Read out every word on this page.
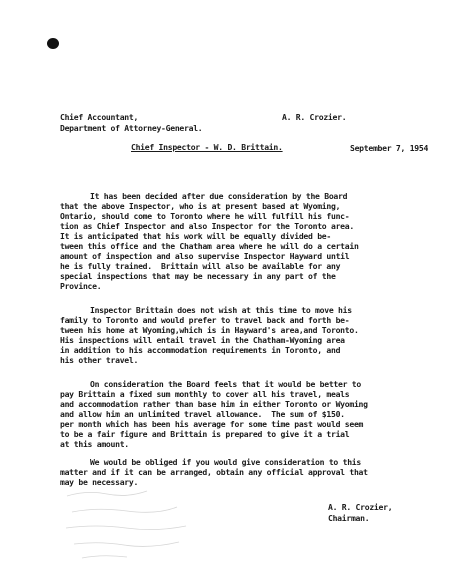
Chief Accountant,	A. R. Crozier.
Department of Attorney-General.
Chief Inspector - W. D. Brittain.	September 7, 1954
It has been decided after due consideration by the Board
that the above Inspector, who is at present based at Wyoming,
Ontario, should come to Toronto where he will fulfill his func-
tion as Chief Inspector and also Inspector for the Toronto area.
It is anticipated that his work will be equally divided be-
tween this office and the Chatham area where he will do a certain
amount of inspection and also supervise Inspector Hayward until
he is fully trained.  Brittain will also be available for any
special inspections that may be necessary in any part of the
Province.
Inspector Brittain does not wish at this time to move his
family to Toronto and would prefer to travel back and forth be-
tween his home at Wyoming,which is in Hayward's area,and Toronto.
His inspections will entail travel in the Chatham-Wyoming area
in addition to his accommodation requirements in Toronto, and
his other travel.
On consideration the Board feels that it would be better to
pay Brittain a fixed sum monthly to cover all his travel, meals
and accommodation rather than base him in either Toronto or Wyoming
and allow him an unlimited travel allowance.  The sum of $150.
per month which has been his average for some time past would seem
to be a fair figure and Brittain is prepared to give it a trial
at this amount.
We would be obliged if you would give consideration to this
matter and if it can be arranged, obtain any official approval that
may be necessary.
A. R. Crozier,
Chairman.
